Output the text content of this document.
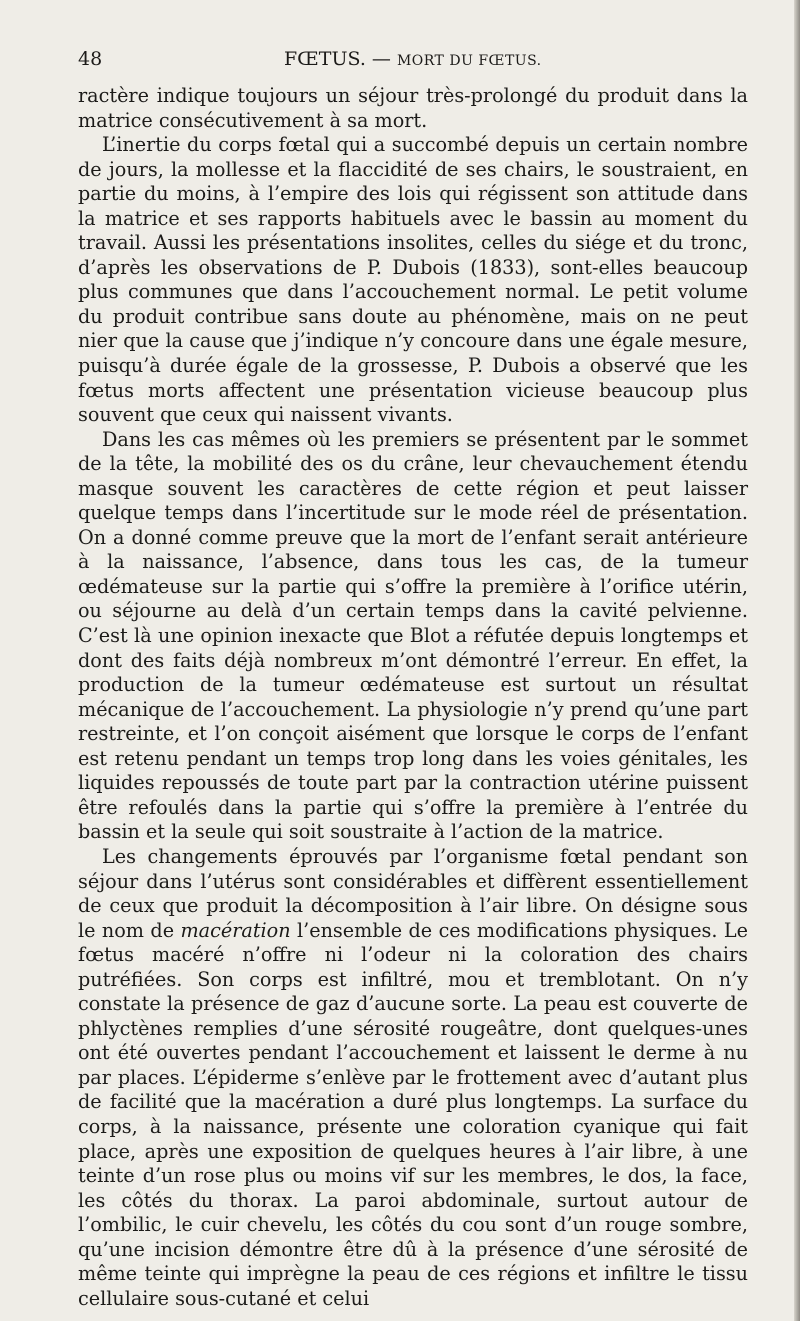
48	FŒTUS. — MORT DU FŒTUS.

ractère indique toujours un séjour très-prolongé du produit dans la matrice consécutivement à sa mort.

L’inertie du corps fœtal qui a succombé depuis un certain nombre de jours, la mollesse et la flaccidité de ses chairs, le soustraient, en partie du moins, à l’empire des lois qui régissent son attitude dans la matrice et ses rapports habituels avec le bassin au moment du travail. Aussi les présentations insolites, celles du siége et du tronc, d’après les observations de P. Dubois (1833), sont-elles beaucoup plus communes que dans l’accouchement normal. Le petit volume du produit contribue sans doute au phénomène, mais on ne peut nier que la cause que j’indique n’y concoure dans une égale mesure, puisqu’à durée égale de la grossesse, P. Dubois a observé que les fœtus morts affectent une présentation vicieuse beaucoup plus souvent que ceux qui naissent vivants.

Dans les cas mêmes où les premiers se présentent par le sommet de la tête, la mobilité des os du crâne, leur chevauchement étendu masque souvent les caractères de cette région et peut laisser quelque temps dans l’incertitude sur le mode réel de présentation. On a donné comme preuve que la mort de l’enfant serait antérieure à la naissance, l’absence, dans tous les cas, de la tumeur œdémateuse sur la partie qui s’offre la première à l’orifice utérin, ou séjourne au delà d’un certain temps dans la cavité pelvienne. C’est là une opinion inexacte que Blot a réfutée depuis longtemps et dont des faits déjà nombreux m’ont démontré l’erreur. En effet, la production de la tumeur œdémateuse est surtout un résultat mécanique de l’accouchement. La physiologie n’y prend qu’une part restreinte, et l’on conçoit aisément que lorsque le corps de l’enfant est retenu pendant un temps trop long dans les voies génitales, les liquides repoussés de toute part par la contraction utérine puissent être refoulés dans la partie qui s’offre la première à l’entrée du bassin et la seule qui soit soustraite à l’action de la matrice.

Les changements éprouvés par l’organisme fœtal pendant son séjour dans l’utérus sont considérables et diffèrent essentiellement de ceux que produit la décomposition à l’air libre. On désigne sous le nom de macération l’ensemble de ces modifications physiques. Le fœtus macéré n’offre ni l’odeur ni la coloration des chairs putréfiées. Son corps est infiltré, mou et tremblotant. On n’y constate la présence de gaz d’aucune sorte. La peau est couverte de phlyctènes remplies d’une sérosité rougeâtre, dont quelques-unes ont été ouvertes pendant l’accouchement et laissent le derme à nu par places. L’épiderme s’enlève par le frottement avec d’autant plus de facilité que la macération a duré plus longtemps. La surface du corps, à la naissance, présente une coloration cyanique qui fait place, après une exposition de quelques heures à l’air libre, à une teinte d’un rose plus ou moins vif sur les membres, le dos, la face, les côtés du thorax. La paroi abdominale, surtout autour de l’ombilic, le cuir chevelu, les côtés du cou sont d’un rouge sombre, qu’une incision démontre être dû à la présence d’une sérosité de même teinte qui imprègne la peau de ces régions et infiltre le tissu cellulaire sous-cutané et celui
